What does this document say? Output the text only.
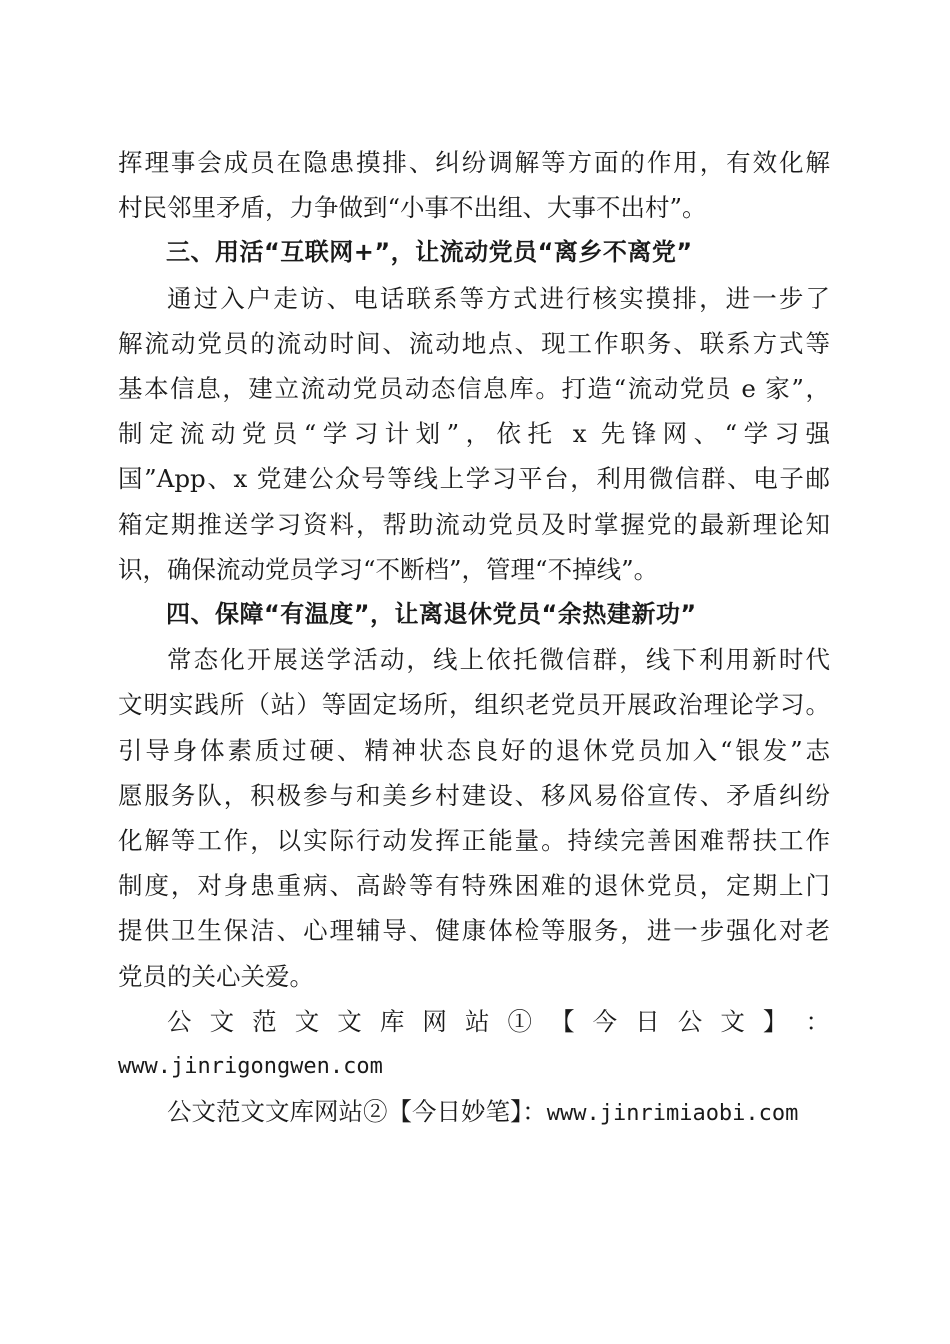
挥理事会成员在隐患摸排、纠纷调解等方面的作用，有效化解
村民邻里矛盾，力争做到“小事不出组、大事不出村”。

三、用活“互联网+”，让流动党员“离乡不离党”

通过入户走访、电话联系等方式进行核实摸排，进一步了
解流动党员的流动时间、流动地点、现工作职务、联系方式等
基本信息，建立流动党员动态信息库。打造“流动党员 e 家”，
制定流动党员“学习计划”，依托 x 先锋网、“学习强
国”App、x 党建公众号等线上学习平台，利用微信群、电子邮
箱定期推送学习资料，帮助流动党员及时掌握党的最新理论知
识，确保流动党员学习“不断档”，管理“不掉线”。

四、保障“有温度”，让离退休党员“余热建新功”

常态化开展送学活动，线上依托微信群，线下利用新时代
文明实践所（站）等固定场所，组织老党员开展政治理论学习。
引导身体素质过硬、精神状态良好的退休党员加入“银发”志
愿服务队，积极参与和美乡村建设、移风易俗宣传、矛盾纠纷
化解等工作，以实际行动发挥正能量。持续完善困难帮扶工作
制度，对身患重病、高龄等有特殊困难的退休党员，定期上门
提供卫生保洁、心理辅导、健康体检等服务，进一步强化对老
党员的关心关爱。
公 文 范 文 文 库 网 站 ① 【 今 日 公 文 】 ：
www.jinrigongwen.com
公文范文文库网站②【今日妙笔】：www.jinrimiaobi.com
